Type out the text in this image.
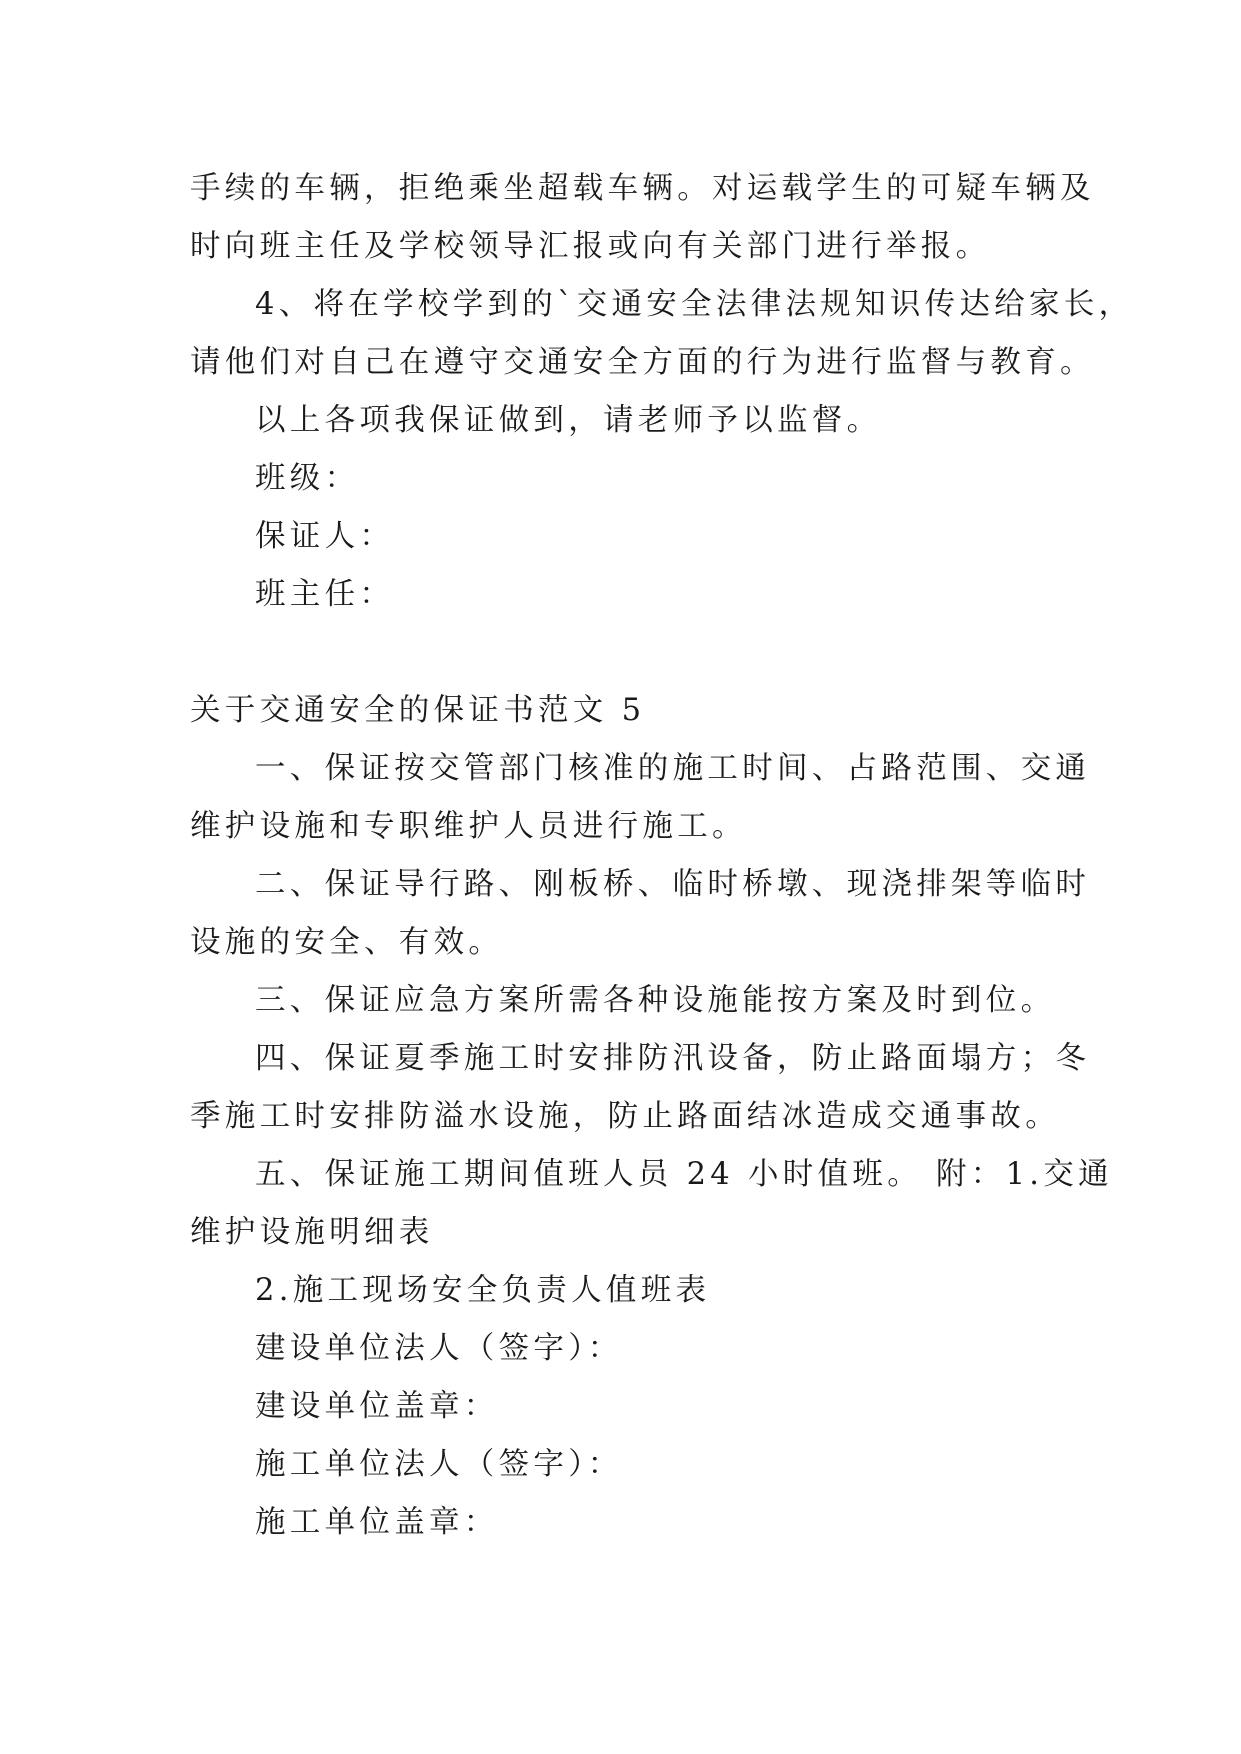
手续的车辆，拒绝乘坐超载车辆。对运载学生的可疑车辆及
时向班主任及学校领导汇报或向有关部门进行举报。
4、将在学校学到的`交通安全法律法规知识传达给家长，
请他们对自己在遵守交通安全方面的行为进行监督与教育。
以上各项我保证做到，请老师予以监督。
班级：
保证人：
班主任：
关于交通安全的保证书范文 5
一、保证按交管部门核准的施工时间、占路范围、交通
维护设施和专职维护人员进行施工。
二、保证导行路、刚板桥、临时桥墩、现浇排架等临时
设施的安全、有效。
三、保证应急方案所需各种设施能按方案及时到位。
四、保证夏季施工时安排防汛设备，防止路面塌方；冬
季施工时安排防溢水设施，防止路面结冰造成交通事故。
五、保证施工期间值班人员 24 小时值班。 附：1.交通
维护设施明细表
2.施工现场安全负责人值班表
建设单位法人（签字）：
建设单位盖章：
施工单位法人（签字）：
施工单位盖章：
